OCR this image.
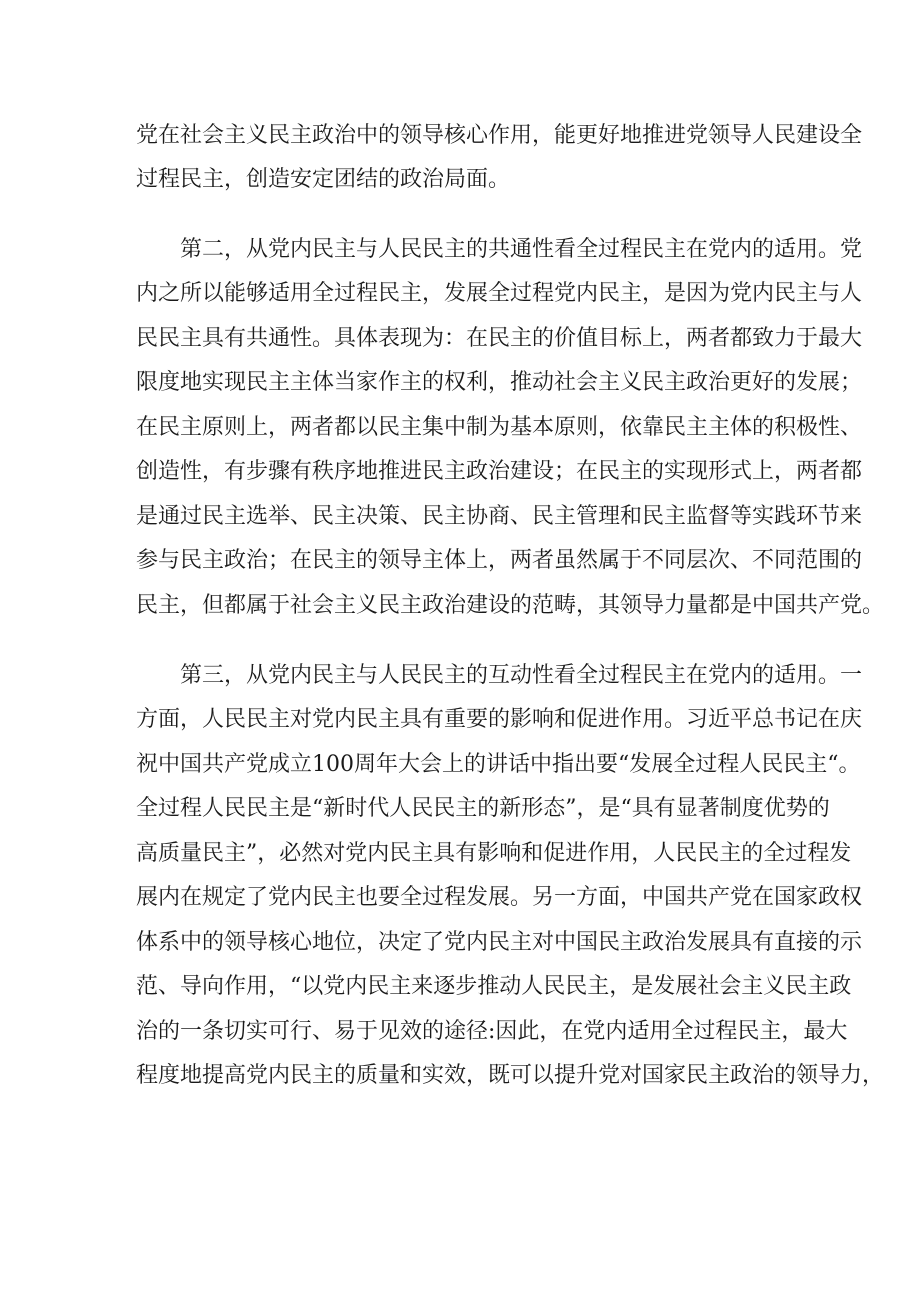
党在社会主义民主政治中的领导核心作用，能更好地推进党领导人民建设全
过程民主，创造安定团结的政治局面。
第二，从党内民主与人民民主的共通性看全过程民主在党内的适用。党
内之所以能够适用全过程民主，发展全过程党内民主，是因为党内民主与人
民民主具有共通性。具体表现为：在民主的价值目标上，两者都致力于最大
限度地实现民主主体当家作主的权利，推动社会主义民主政治更好的发展；
在民主原则上，两者都以民主集中制为基本原则，依靠民主主体的积极性、
创造性，有步骤有秩序地推进民主政治建设；在民主的实现形式上，两者都
是通过民主选举、民主决策、民主协商、民主管理和民主监督等实践环节来
参与民主政治；在民主的领导主体上，两者虽然属于不同层次、不同范围的
民主，但都属于社会主义民主政治建设的范畴，其领导力量都是中国共产党。
第三，从党内民主与人民民主的互动性看全过程民主在党内的适用。一
方面，人民民主对党内民主具有重要的影响和促进作用。习近平总书记在庆
祝中国共产党成立100周年大会上的讲话中指出要“发展全过程人民民主“。
全过程人民民主是“新时代人民民主的新形态”，是“具有显著制度优势的
高质量民主”，必然对党内民主具有影响和促进作用，人民民主的全过程发
展内在规定了党内民主也要全过程发展。另一方面，中国共产党在国家政权
体系中的领导核心地位，决定了党内民主对中国民主政治发展具有直接的示
范、导向作用，“以党内民主来逐步推动人民民主，是发展社会主义民主政
治的一条切实可行、易于见效的途径:因此，在党内适用全过程民主，最大
程度地提高党内民主的质量和实效，既可以提升党对国家民主政治的领导力，
